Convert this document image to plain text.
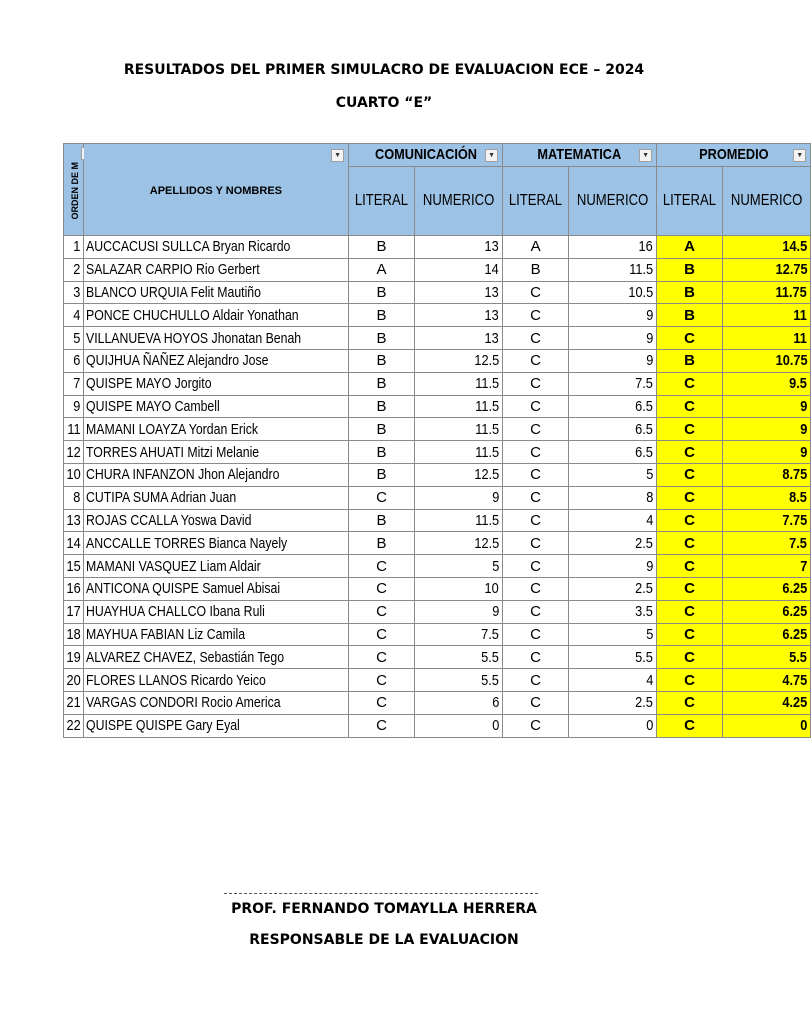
RESULTADOS DEL PRIMER SIMULACRO DE EVALUACION ECE – 2024
CUARTO “E”
ORDEN DE M	▼
APELLIDOS Y NOMBRES	COMUNICACIÓN ▼		MATEMATICA ▼		PROMEDIO ▼	

		LITERAL	NUMERICO	LITERAL	NUMERICO	LITERAL	NUMERICO
1	AUCCACUSI SULLCA Bryan Ricardo	B	13	A	16	A	14.5
2	SALAZAR CARPIO Rio Gerbert	A	14	B	11.5	B	12.75
3	BLANCO URQUIA Felit Mautiño	B	13	C	10.5	B	11.75
4	PONCE CHUCHULLO Aldair Yonathan	B	13	C	9	B	11
5	VILLANUEVA HOYOS Jhonatan Benah	B	13	C	9	C	11
6	QUIJHUA ÑAÑEZ Alejandro Jose	B	12.5	C	9	B	10.75
7	QUISPE MAYO Jorgito	B	11.5	C	7.5	C	9.5
9	QUISPE MAYO Cambell	B	11.5	C	6.5	C	9
11	MAMANI LOAYZA Yordan Erick	B	11.5	C	6.5	C	9
12	TORRES AHUATI Mitzi Melanie	B	11.5	C	6.5	C	9
10	CHURA INFANZON Jhon Alejandro	B	12.5	C	5	C	8.75
8	CUTIPA SUMA Adrian Juan	C	9	C	8	C	8.5
13	ROJAS CCALLA Yoswa David	B	11.5	C	4	C	7.75
14	ANCCALLE TORRES Bianca Nayely	B	12.5	C	2.5	C	7.5
15	MAMANI VASQUEZ Liam Aldair	C	5	C	9	C	7
16	ANTICONA QUISPE Samuel Abisai	C	10	C	2.5	C	6.25
17	HUAYHUA CHALLCO Ibana Ruli	C	9	C	3.5	C	6.25
18	MAYHUA FABIAN Liz Camila	C	7.5	C	5	C	6.25
19	ALVAREZ CHAVEZ, Sebastián Tego	C	5.5	C	5.5	C	5.5
20	FLORES LLANOS Ricardo Yeico	C	5.5	C	4	C	4.75
21	VARGAS CONDORI Rocio America	C	6	C	2.5	C	4.25
22	QUISPE QUISPE Gary Eyal	C	0	C	0	C	0
PROF. FERNANDO TOMAYLLA HERRERA
RESPONSABLE DE LA EVALUACION
